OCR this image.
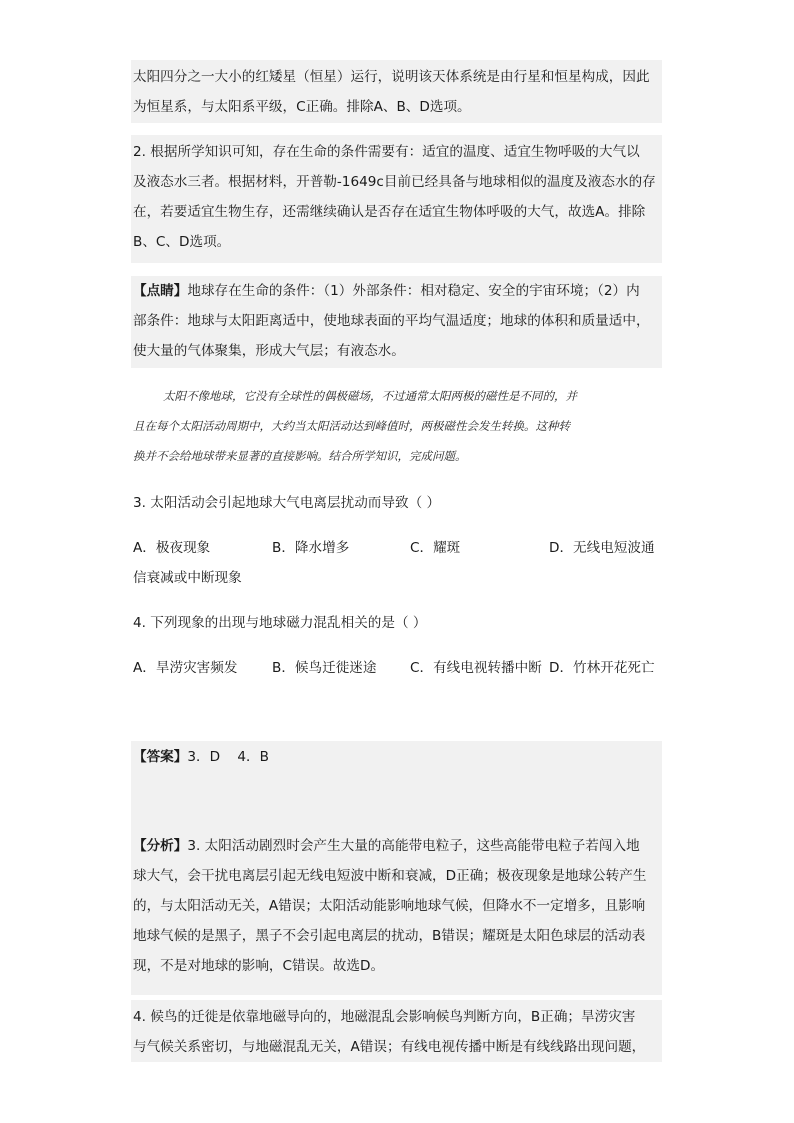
太阳四分之一大小的红矮星（恒星）运行，说明该天体系统是由行星和恒星构成，因此
为恒星系，与太阳系平级，C正确。排除A、B、D选项。
2. 根据所学知识可知，存在生命的条件需要有：适宜的温度、适宜生物呼吸的大气以
及液态水三者。根据材料，开普勒-1649c目前已经具备与地球相似的温度及液态水的存
在，若要适宜生物生存，还需继续确认是否存在适宜生物体呼吸的大气，故选A。排除
B、C、D选项。
【点睛】地球存在生命的条件：（1）外部条件：相对稳定、安全的宇宙环境；（2）内
部条件：地球与太阳距离适中，使地球表面的平均气温适度；地球的体积和质量适中，
使大量的气体聚集，形成大气层；有液态水。
太阳不像地球，它没有全球性的偶极磁场，不过通常太阳两极的磁性是不同的，并
且在每个太阳活动周期中，大约当太阳活动达到峰值时，两极磁性会发生转换。这种转
换并不会给地球带来显著的直接影响。结合所学知识，完成问题。
3. 太阳活动会引起地球大气电离层扰动而导致（ ）
A．极夜现象	B．降水增多	C．耀斑	D．无线电短波通
信衰减或中断现象
4. 下列现象的出现与地球磁力混乱相关的是（ ）
A．旱涝灾害频发	B．候鸟迁徙迷途 C．有线电视转播中断 D．竹林开花死亡
【答案】3．D    4．B
【分析】3. 太阳活动剧烈时会产生大量的高能带电粒子，这些高能带电粒子若闯入地
球大气，会干扰电离层引起无线电短波中断和衰减，D正确；极夜现象是地球公转产生
的，与太阳活动无关，A错误；太阳活动能影响地球气候，但降水不一定增多，且影响
地球气候的是黑子，黑子不会引起电离层的扰动，B错误；耀斑是太阳色球层的活动表
现，不是对地球的影响，C错误。故选D。
4. 候鸟的迁徙是依靠地磁导向的，地磁混乱会影响候鸟判断方向，B正确；旱涝灾害
与气候关系密切，与地磁混乱无关，A错误；有线电视传播中断是有线线路出现问题，
